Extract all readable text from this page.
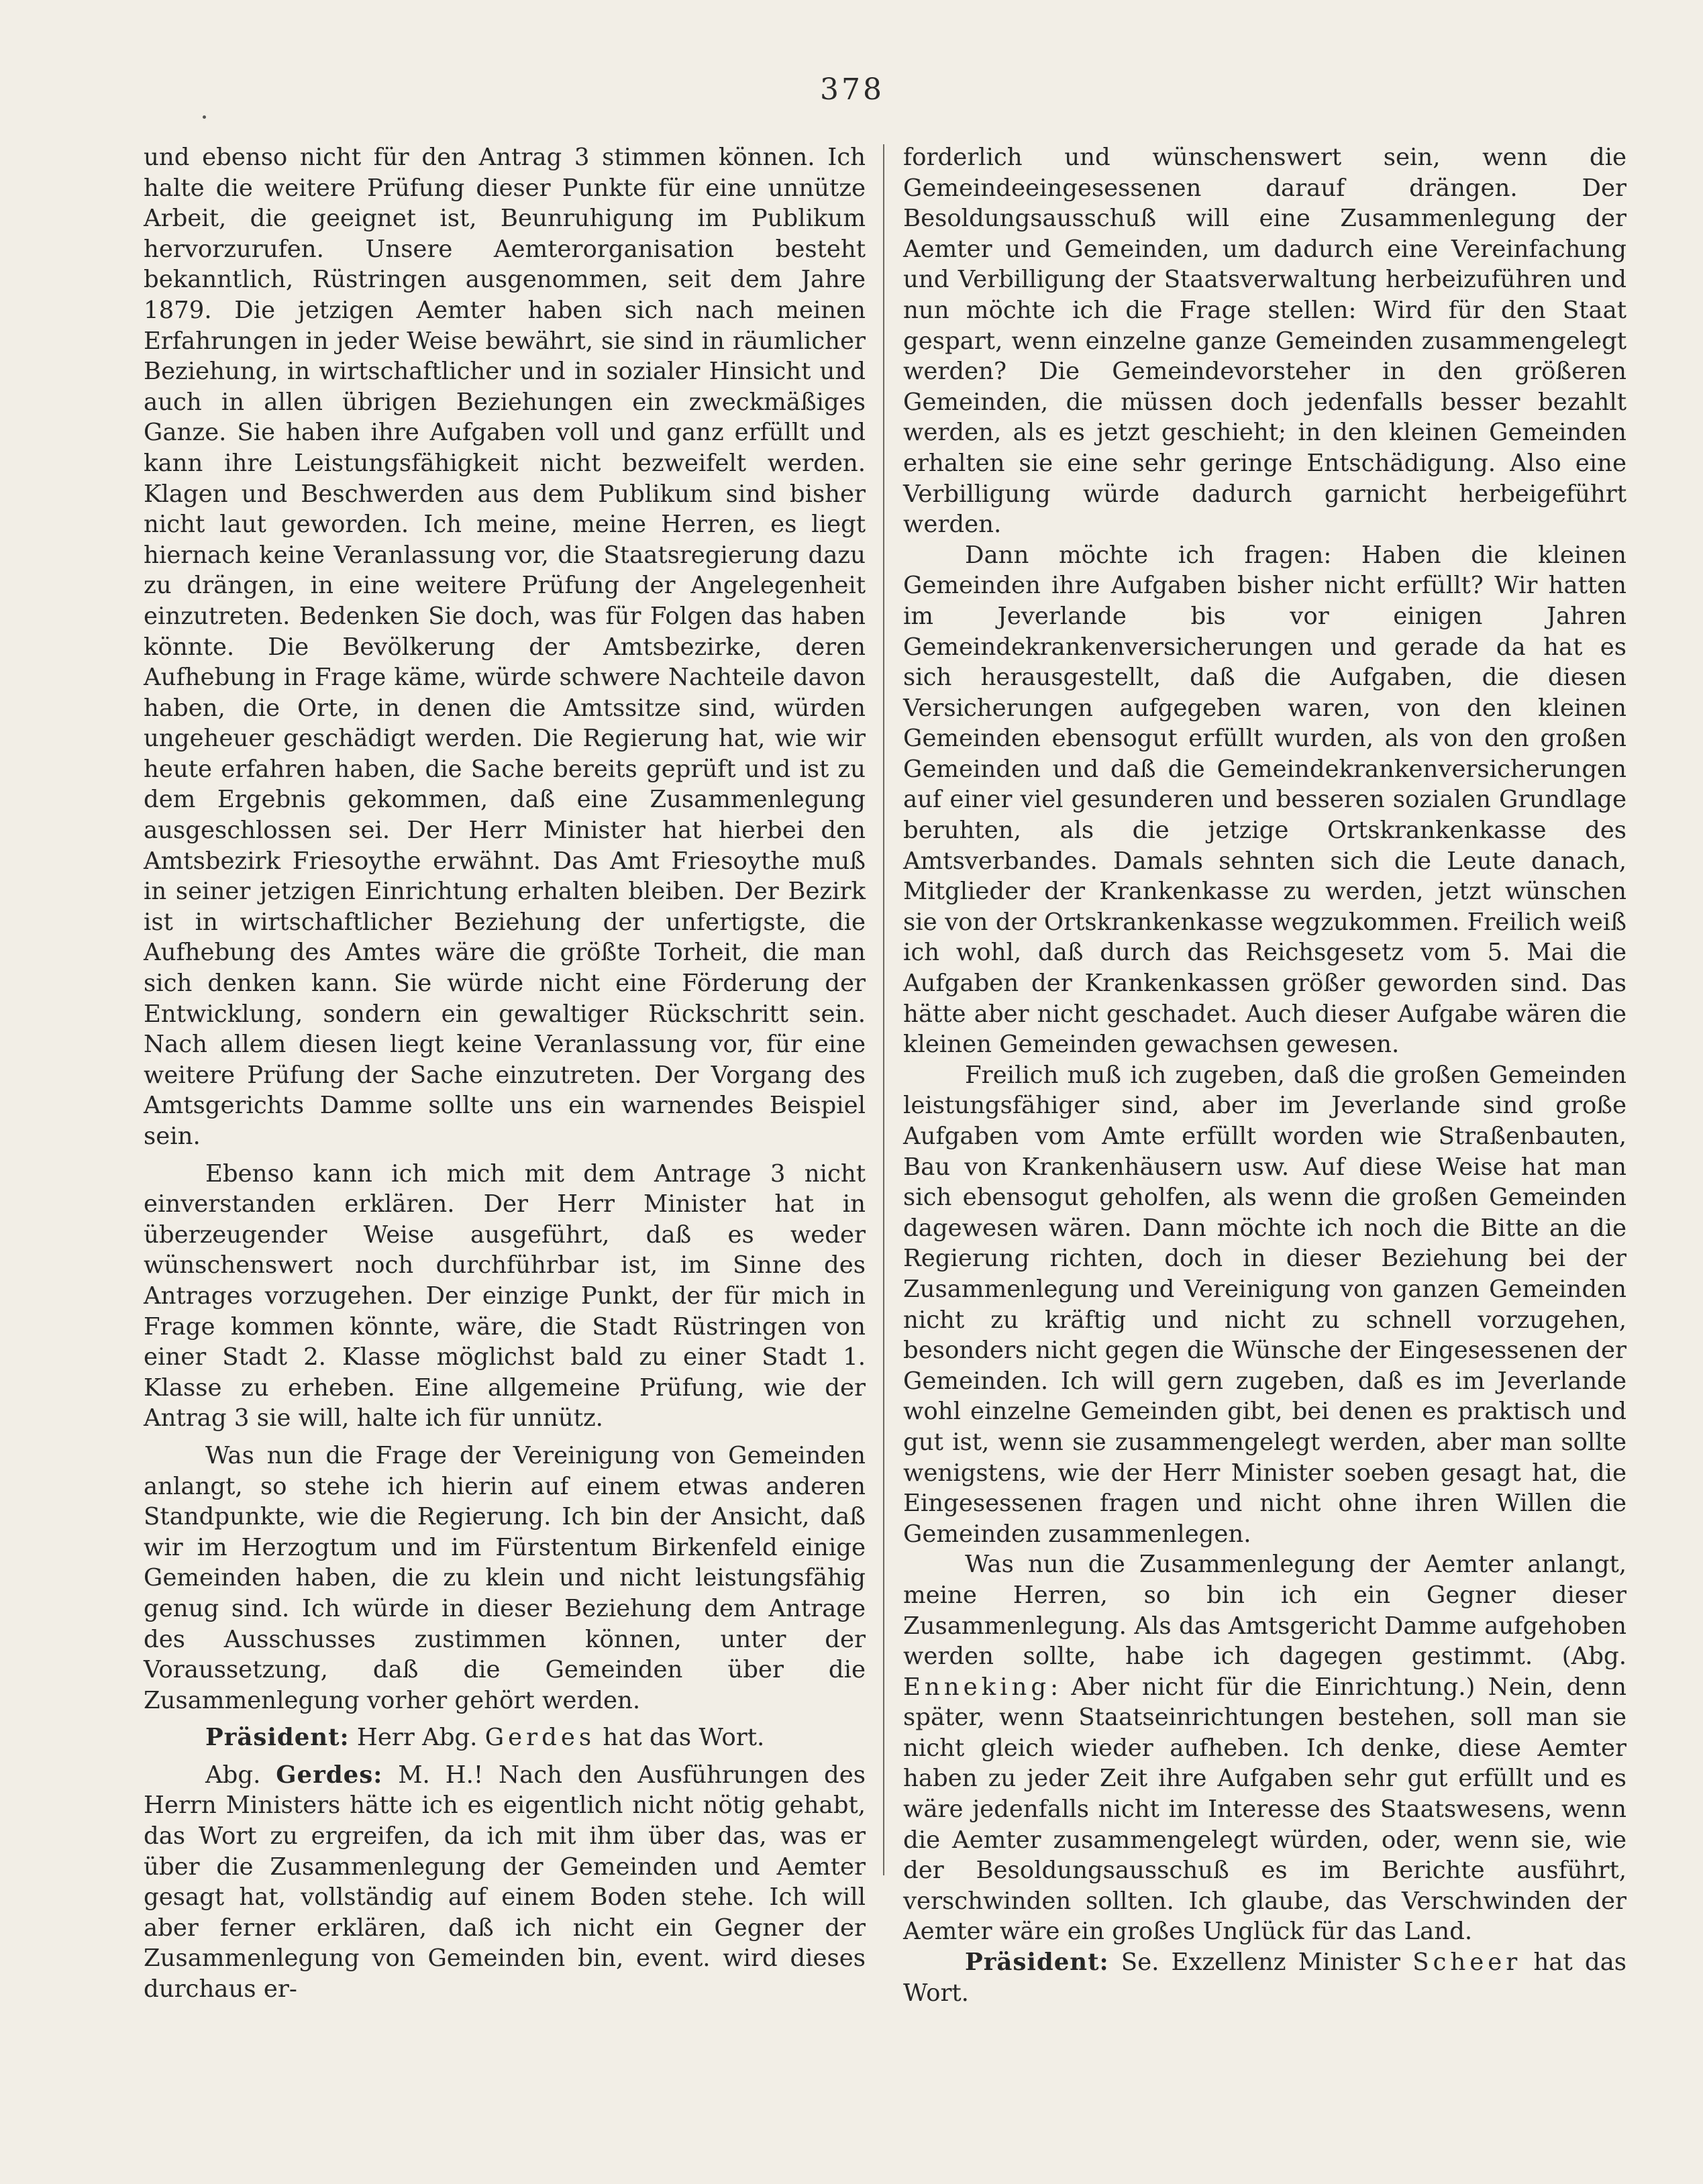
378

und ebenso nicht für den Antrag 3 stimmen können. Ich halte die weitere Prüfung dieser Punkte für eine unnütze Arbeit, die geeignet ist, Beunruhigung im Publikum hervorzurufen. Unsere Aemterorganisation besteht bekanntlich, Rüstringen ausgenommen, seit dem Jahre 1879. Die jetzigen Aemter haben sich nach meinen Erfahrungen in jeder Weise bewährt, sie sind in räumlicher Beziehung, in wirtschaftlicher und in sozialer Hinsicht und auch in allen übrigen Beziehungen ein zweckmäßiges Ganze. Sie haben ihre Aufgaben voll und ganz erfüllt und kann ihre Leistungsfähigkeit nicht bezweifelt werden. Klagen und Beschwerden aus dem Publikum sind bisher nicht laut geworden. Ich meine, meine Herren, es liegt hiernach keine Veranlassung vor, die Staatsregierung dazu zu drängen, in eine weitere Prüfung der Angelegenheit einzutreten. Bedenken Sie doch, was für Folgen das haben könnte. Die Bevölkerung der Amtsbezirke, deren Aufhebung in Frage käme, würde schwere Nachteile davon haben, die Orte, in denen die Amtssitze sind, würden ungeheuer geschädigt werden. Die Regierung hat, wie wir heute erfahren haben, die Sache bereits geprüft und ist zu dem Ergebnis gekommen, daß eine Zusammenlegung ausgeschlossen sei. Der Herr Minister hat hierbei den Amtsbezirk Friesoythe erwähnt. Das Amt Friesoythe muß in seiner jetzigen Einrichtung erhalten bleiben. Der Bezirk ist in wirtschaftlicher Beziehung der unfertigste, die Aufhebung des Amtes wäre die größte Torheit, die man sich denken kann. Sie würde nicht eine Förderung der Entwicklung, sondern ein gewaltiger Rückschritt sein. Nach allem diesen liegt keine Veranlassung vor, für eine weitere Prüfung der Sache einzutreten. Der Vorgang des Amtsgerichts Damme sollte uns ein warnendes Beispiel sein.

Ebenso kann ich mich mit dem Antrage 3 nicht einverstanden erklären. Der Herr Minister hat in überzeugender Weise ausgeführt, daß es weder wünschenswert noch durchführbar ist, im Sinne des Antrages vorzugehen. Der einzige Punkt, der für mich in Frage kommen könnte, wäre, die Stadt Rüstringen von einer Stadt 2. Klasse möglichst bald zu einer Stadt 1. Klasse zu erheben. Eine allgemeine Prüfung, wie der Antrag 3 sie will, halte ich für unnütz.

Was nun die Frage der Vereinigung von Gemeinden anlangt, so stehe ich hierin auf einem etwas anderen Standpunkte, wie die Regierung. Ich bin der Ansicht, daß wir im Herzogtum und im Fürstentum Birkenfeld einige Gemeinden haben, die zu klein und nicht leistungsfähig genug sind. Ich würde in dieser Beziehung dem Antrage des Ausschusses zustimmen können, unter der Voraussetzung, daß die Gemeinden über die Zusammenlegung vorher gehört werden.

Präsident: Herr Abg. Gerdes hat das Wort.

Abg. Gerdes: M. H.! Nach den Ausführungen des Herrn Ministers hätte ich es eigentlich nicht nötig gehabt, das Wort zu ergreifen, da ich mit ihm über das, was er über die Zusammenlegung der Gemeinden und Aemter gesagt hat, vollständig auf einem Boden stehe. Ich will aber ferner erklären, daß ich nicht ein Gegner der Zusammenlegung von Gemeinden bin, event. wird dieses durchaus er-

forderlich und wünschenswert sein, wenn die Gemeindeeingesessenen darauf drängen. Der Besoldungsausschuß will eine Zusammenlegung der Aemter und Gemeinden, um dadurch eine Vereinfachung und Verbilligung der Staatsverwaltung herbeizuführen und nun möchte ich die Frage stellen: Wird für den Staat gespart, wenn einzelne ganze Gemeinden zusammengelegt werden? Die Gemeindevorsteher in den größeren Gemeinden, die müssen doch jedenfalls besser bezahlt werden, als es jetzt geschieht; in den kleinen Gemeinden erhalten sie eine sehr geringe Entschädigung. Also eine Verbilligung würde dadurch garnicht herbeigeführt werden.

Dann möchte ich fragen: Haben die kleinen Gemeinden ihre Aufgaben bisher nicht erfüllt? Wir hatten im Jeverlande bis vor einigen Jahren Gemeindekrankenversicherungen und gerade da hat es sich herausgestellt, daß die Aufgaben, die diesen Versicherungen aufgegeben waren, von den kleinen Gemeinden ebensogut erfüllt wurden, als von den großen Gemeinden und daß die Gemeindekrankenversicherungen auf einer viel gesunderen und besseren sozialen Grundlage beruhten, als die jetzige Ortskrankenkasse des Amtsverbandes. Damals sehnten sich die Leute danach, Mitglieder der Krankenkasse zu werden, jetzt wünschen sie von der Ortskrankenkasse wegzukommen. Freilich weiß ich wohl, daß durch das Reichsgesetz vom 5. Mai die Aufgaben der Krankenkassen größer geworden sind. Das hätte aber nicht geschadet. Auch dieser Aufgabe wären die kleinen Gemeinden gewachsen gewesen.

Freilich muß ich zugeben, daß die großen Gemeinden leistungsfähiger sind, aber im Jeverlande sind große Aufgaben vom Amte erfüllt worden wie Straßenbauten, Bau von Krankenhäusern usw. Auf diese Weise hat man sich ebensogut geholfen, als wenn die großen Gemeinden dagewesen wären. Dann möchte ich noch die Bitte an die Regierung richten, doch in dieser Beziehung bei der Zusammenlegung und Vereinigung von ganzen Gemeinden nicht zu kräftig und nicht zu schnell vorzugehen, besonders nicht gegen die Wünsche der Eingesessenen der Gemeinden. Ich will gern zugeben, daß es im Jeverlande wohl einzelne Gemeinden gibt, bei denen es praktisch und gut ist, wenn sie zusammengelegt werden, aber man sollte wenigstens, wie der Herr Minister soeben gesagt hat, die Eingesessenen fragen und nicht ohne ihren Willen die Gemeinden zusammenlegen.

Was nun die Zusammenlegung der Aemter anlangt, meine Herren, so bin ich ein Gegner dieser Zusammenlegung. Als das Amtsgericht Damme aufgehoben werden sollte, habe ich dagegen gestimmt. (Abg. Enneking: Aber nicht für die Einrichtung.) Nein, denn später, wenn Staatseinrichtungen bestehen, soll man sie nicht gleich wieder aufheben. Ich denke, diese Aemter haben zu jeder Zeit ihre Aufgaben sehr gut erfüllt und es wäre jedenfalls nicht im Interesse des Staatswesens, wenn die Aemter zusammengelegt würden, oder, wenn sie, wie der Besoldungsausschuß es im Berichte ausführt, verschwinden sollten. Ich glaube, das Verschwinden der Aemter wäre ein großes Unglück für das Land.

Präsident: Se. Exzellenz Minister Scheer hat das Wort.
